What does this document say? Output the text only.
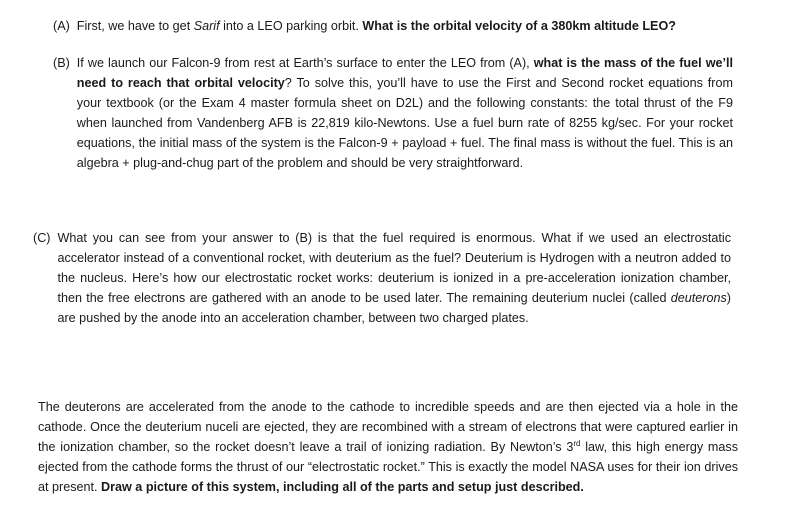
(A)
First, we have to get Sarif into a LEO parking orbit. What is the orbital velocity of a 380km altitude LEO?
(B)
If we launch our Falcon-9 from rest at Earth’s surface to enter the LEO from (A), what is the mass of the fuel we’ll need to reach that orbital velocity? To solve this, you’ll have to use the First and Second rocket equations from your textbook (or the Exam 4 master formula sheet on D2L) and the following constants: the total thrust of the F9 when launched from Vandenberg AFB is 22,819 kilo-Newtons. Use a fuel burn rate of 8255 kg/sec. For your rocket equations, the initial mass of the system is the Falcon-9 + payload + fuel. The final mass is without the fuel. This is an algebra + plug-and-chug part of the problem and should be very straightforward.
(C)
What you can see from your answer to (B) is that the fuel required is enormous. What if we used an electrostatic accelerator instead of a conventional rocket, with deuterium as the fuel? Deuterium is Hydrogen with a neutron added to the nucleus. Here’s how our electrostatic rocket works: deuterium is ionized in a pre-acceleration ionization chamber, then the free electrons are gathered with an anode to be used later. The remaining deuterium nuclei (called deuterons) are pushed by the anode into an acceleration chamber, between two charged plates.
The deuterons are accelerated from the anode to the cathode to incredible speeds and are then ejected via a hole in the cathode. Once the deuterium nuceli are ejected, they are recombined with a stream of electrons that were captured earlier in the ionization chamber, so the rocket doesn’t leave a trail of ionizing radiation. By Newton’s 3rd law, this high energy mass ejected from the cathode forms the thrust of our “electrostatic rocket.” This is exactly the model NASA uses for their ion drives at present. Draw a picture of this system, including all of the parts and setup just described.
